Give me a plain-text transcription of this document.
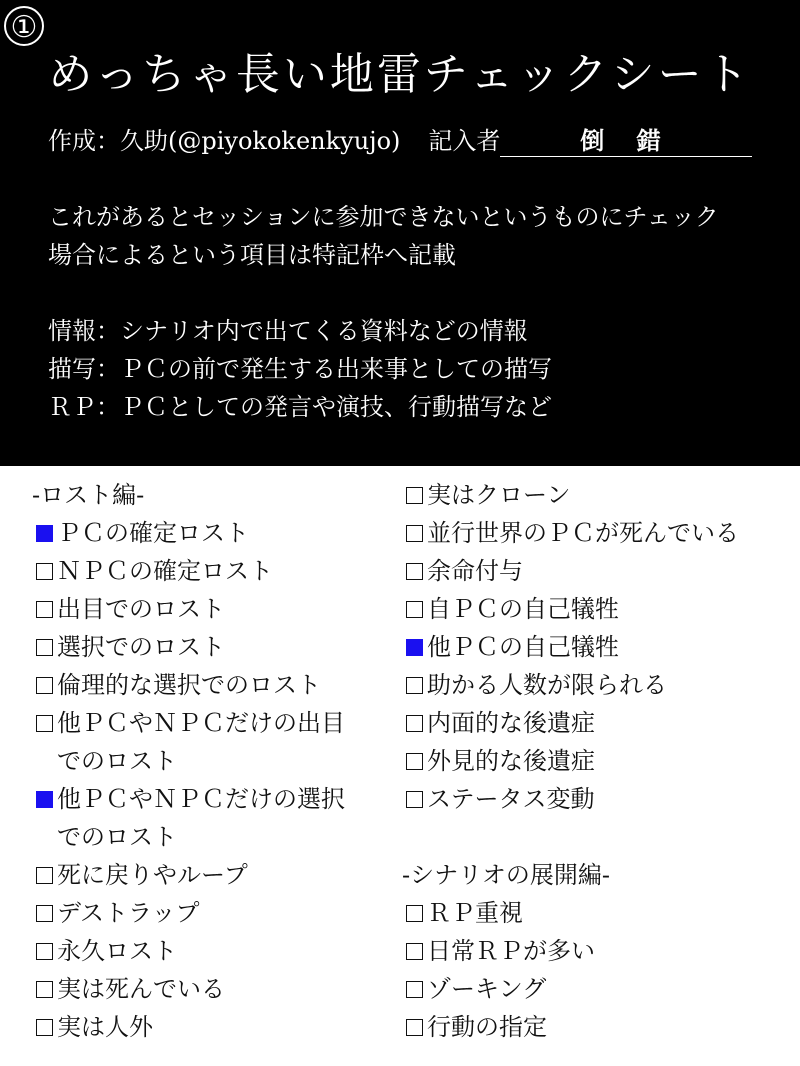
①
めっちゃ長い地雷チェックシート
作成：久助(@piyokokenkyujo) 記入者	倒 錯
これがあるとセッションに参加できないというものにチェック
場合によるという項目は特記枠へ記載
情報：シナリオ内で出てくる資料などの情報
描写：ＰＣの前で発生する出来事としての描写
ＲＰ：ＰＣとしての発言や演技、行動描写など
-ロスト編-
ＰＣの確定ロスト
ＮＰＣの確定ロスト
出目でのロスト
選択でのロスト
倫理的な選択でのロスト
他ＰＣやＮＰＣだけの出目
でのロスト
他ＰＣやＮＰＣだけの選択
でのロスト
死に戻りやループ
デストラップ
永久ロスト
実は死んでいる
実は人外
実はクローン
並行世界のＰＣが死んでいる
余命付与
自ＰＣの自己犠牲
他ＰＣの自己犠牲
助かる人数が限られる
内面的な後遺症
外見的な後遺症
ステータス変動
-シナリオの展開編-
ＲＰ重視
日常ＲＰが多い
ゾーキング
行動の指定
